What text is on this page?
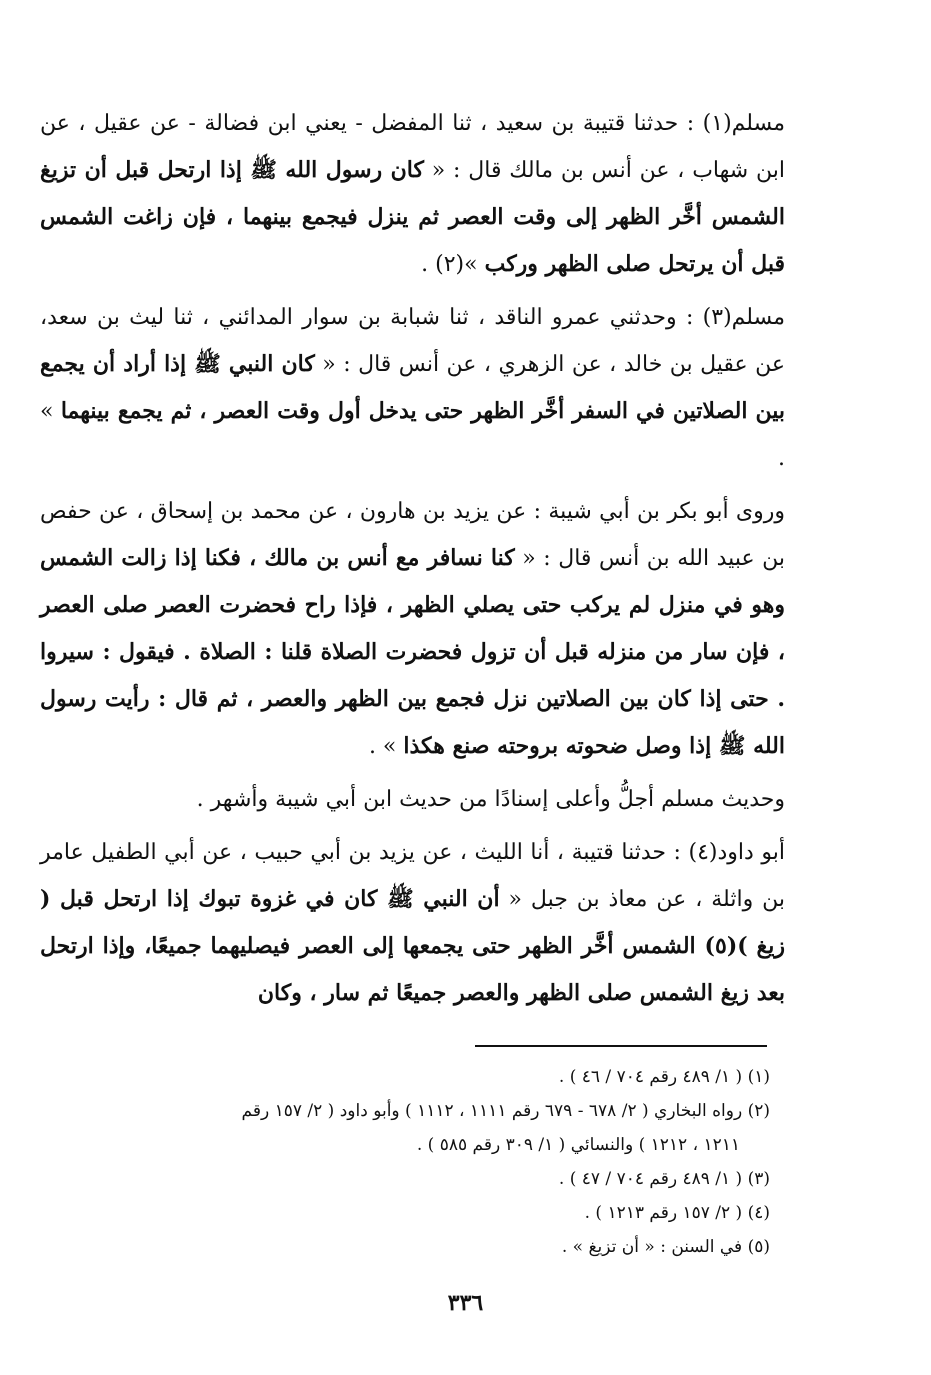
مسلم(١) : حدثنا قتيبة بن سعيد ، ثنا المفضل - يعني ابن فضالة - عن عقيل ، عن ابن شهاب ، عن أنس بن مالك قال : « كان رسول الله ﷺ إذا ارتحل قبل أن تزيغ الشمس أخَّر الظهر إلى وقت العصر ثم ينزل فيجمع بينهما ، فإن زاغت الشمس قبل أن يرتحل صلى الظهر وركب »(٢) .

مسلم(٣) : وحدثني عمرو الناقد ، ثنا شبابة بن سوار المدائني ، ثنا ليث بن سعد، عن عقيل بن خالد ، عن الزهري ، عن أنس قال : « كان النبي ﷺ إذا أراد أن يجمع بين الصلاتين في السفر أخَّر الظهر حتى يدخل أول وقت العصر ، ثم يجمع بينهما » .

وروى أبو بكر بن أبي شيبة : عن يزيد بن هارون ، عن محمد بن إسحاق ، عن حفص بن عبيد الله بن أنس قال : « كنا نسافر مع أنس بن مالك ، فكنا إذا زالت الشمس وهو في منزل لم يركب حتى يصلي الظهر ، فإذا راح فحضرت العصر صلى العصر ، فإن سار من منزله قبل أن تزول فحضرت الصلاة قلنا : الصلاة . فيقول : سيروا . حتى إذا كان بين الصلاتين نزل فجمع بين الظهر والعصر ، ثم قال : رأيت رسول الله ﷺ إذا وصل ضحوته بروحته صنع هكذا » .

وحديث مسلم أجلُّ وأعلى إسنادًا من حديث ابن أبي شيبة وأشهر .

أبو داود(٤) : حدثنا قتيبة ، أنا الليث ، عن يزيد بن أبي حبيب ، عن أبي الطفيل عامر بن واثلة ، عن معاذ بن جبل « أن النبي ﷺ كان في غزوة تبوك إذا ارتحل قبل ( زيغ )(٥) الشمس أخَّر الظهر حتى يجمعها إلى العصر فيصليهما جميعًا، وإذا ارتحل بعد زيغ الشمس صلى الظهر والعصر جميعًا ثم سار ، وكان

(١) ( ١/ ٤٨٩ رقم ٧٠٤ / ٤٦ ) .

(٢) رواه البخاري ( ٢/ ٦٧٨ - ٦٧٩ رقم ١١١١ ، ١١١٢ ) وأبو داود ( ٢/ ١٥٧ رقم

١٢١١ ، ١٢١٢ ) والنسائي ( ١/ ٣٠٩ رقم ٥٨٥ ) .

(٣) ( ١/ ٤٨٩ رقم ٧٠٤ / ٤٧ ) .

(٤) ( ٢/ ١٥٧ رقم ١٢١٣ ) .

(٥) في السنن : « أن تزيغ » .

٣٣٦
